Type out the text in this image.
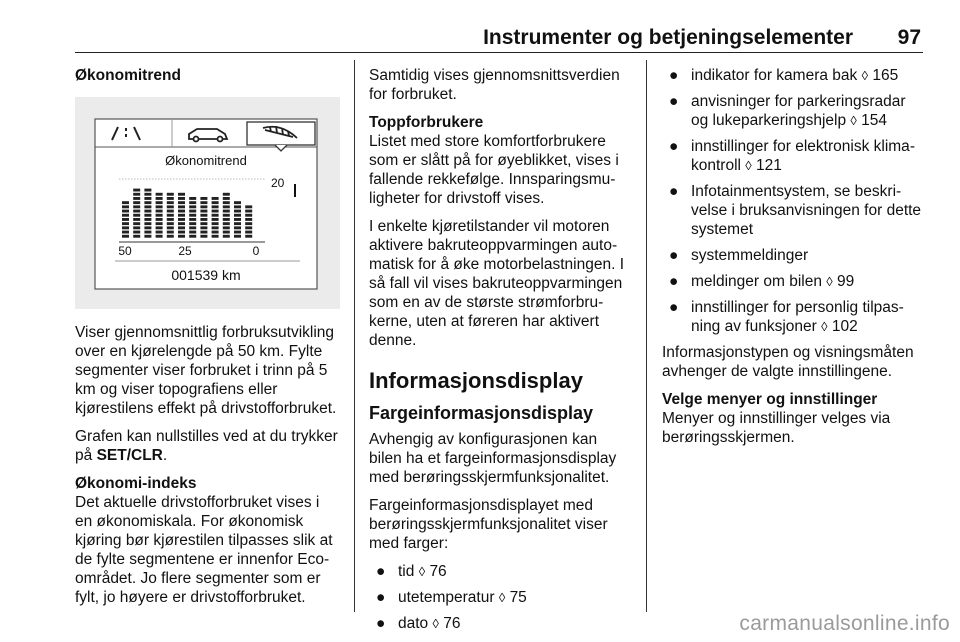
Instrumenter og betjeningselementer 97

Økonomitrend

Økonomitrend
20
50	25	0
001539 km

Viser gjennomsnittlig forbruksutvikling over en kjørelengde på 50 km. Fylte segmenter viser forbruket i trinn på 5 km og viser topografiens eller kjørestilens effekt på drivstofforbruket.

Grafen kan nullstilles ved at du trykker på SET/CLR.

Økonomi-indeks

Det aktuelle drivstofforbruket vises i en økonomiskala. For økonomisk kjøring bør kjørestilen tilpasses slik at de fylte segmentene er innenfor Eco-området. Jo flere segmenter som er fylt, jo høyere er drivstofforbruket.

Samtidig vises gjennomsnittsverdien for forbruket.

Toppforbrukere

Listet med store komfortforbrukere som er slått på for øyeblikket, vises i fallende rekkefølge. Innsparingsmuligheter for drivstoff vises.

I enkelte kjøretilstander vil motoren aktivere bakruteoppvarmingen automatisk for å øke motorbelastningen. I så fall vil vises bakruteoppvarmingen som en av de største strømforbrukerne, uten at føreren har aktivert denne.

Informasjonsdisplay
Fargeinformasjonsdisplay

Avhengig av konfigurasjonen kan bilen ha et fargeinformasjonsdisplay med berøringsskjermfunksjonalitet.

Fargeinformasjonsdisplayet med berøringsskjermfunksjonalitet viser med farger:

● tid ◊ 76
● utetemperatur ◊ 75
● dato ◊ 76
● indikator for kamera bak ◊ 165
● anvisninger for parkeringsradar og lukeparkeringshjelp ◊ 154
● innstillinger for elektronisk klimakontroll ◊ 121
● Infotainmentsystem, se beskrivelse i bruksanvisningen for dette systemet
● systemmeldinger
● meldinger om bilen ◊ 99
● innstillinger for personlig tilpasning av funksjoner ◊ 102

Informasjonstypen og visningsmåten avhenger de valgte innstillingene.

Velge menyer og innstillinger

Menyer og innstillinger velges via berøringsskjermen.

carmanualsonline.info
